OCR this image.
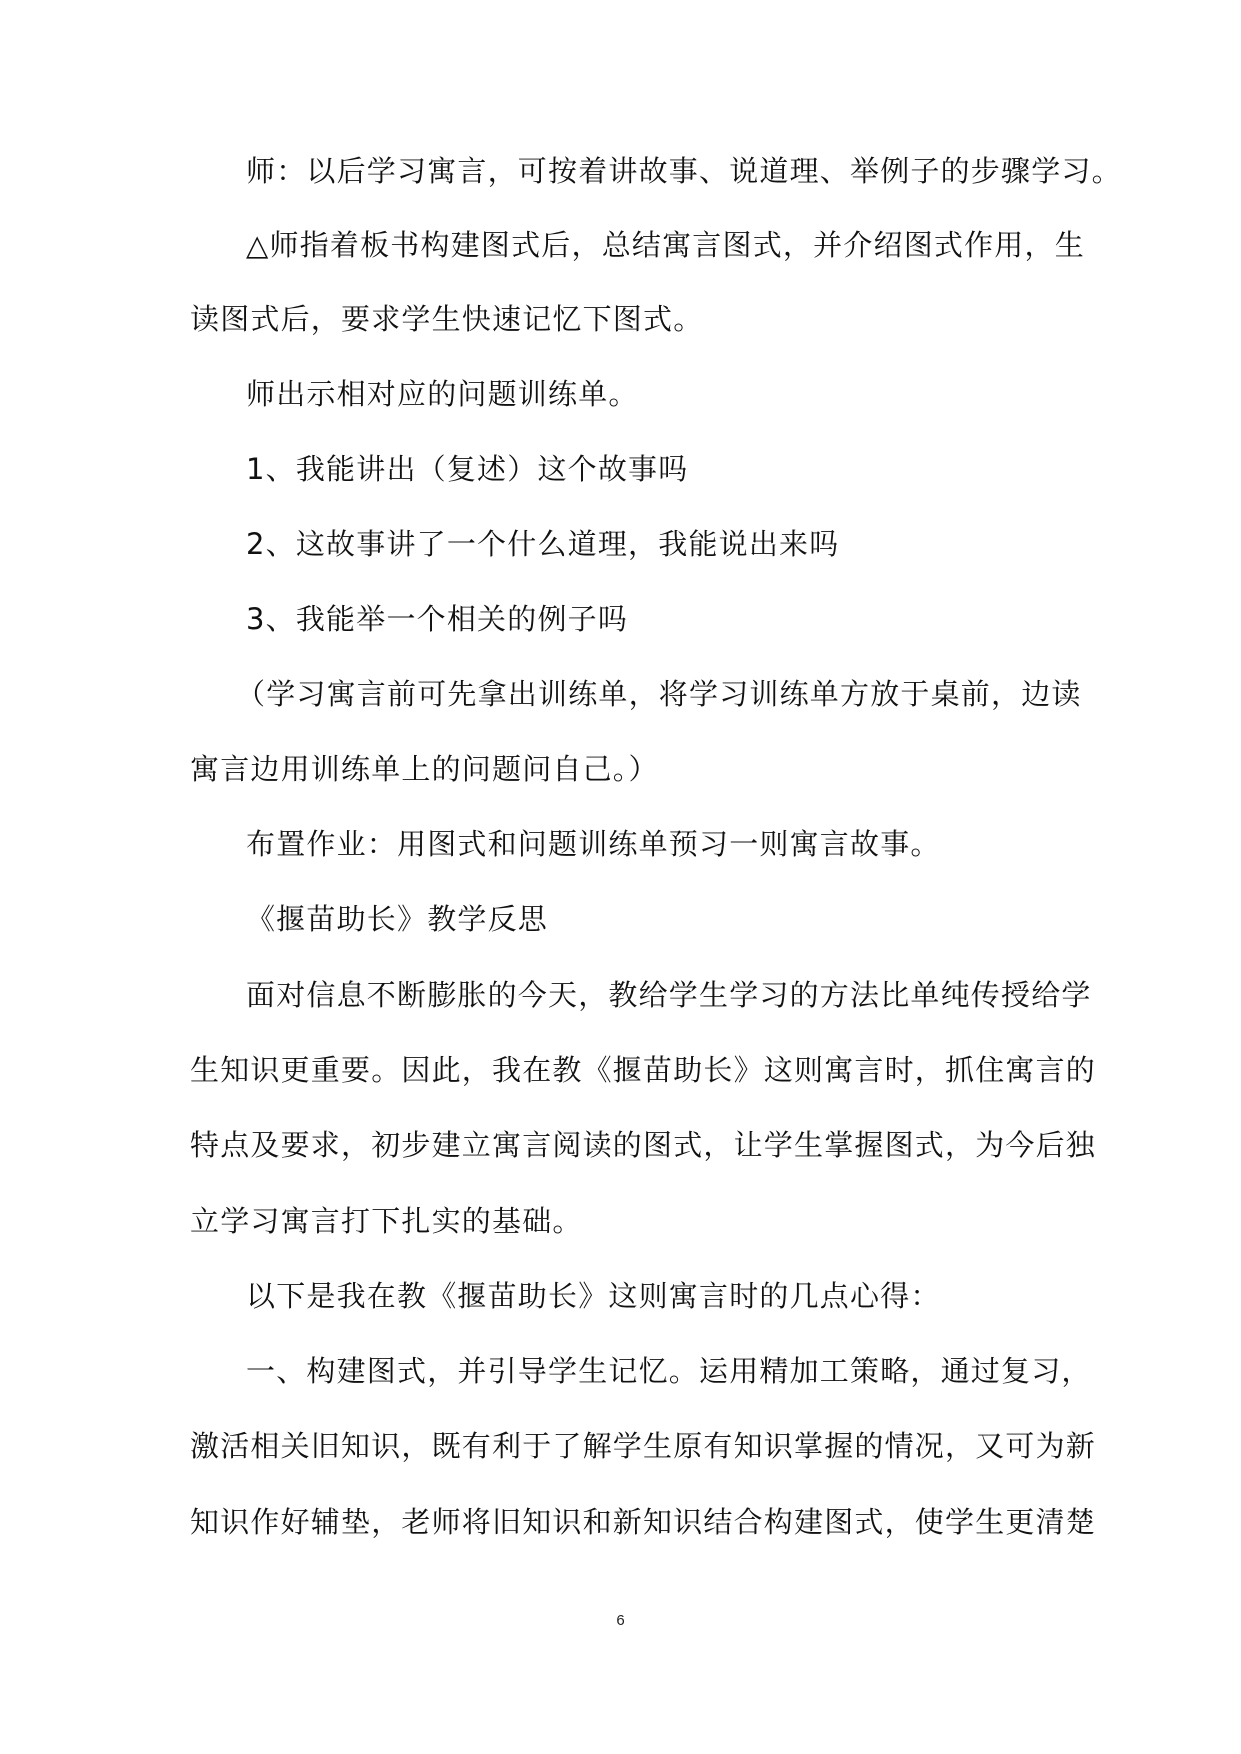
师：以后学习寓言，可按着讲故事、说道理、举例子的步骤学习。
△师指着板书构建图式后，总结寓言图式，并介绍图式作用，生
读图式后，要求学生快速记忆下图式。
师出示相对应的问题训练单。
1、我能讲出（复述）这个故事吗
2、这故事讲了一个什么道理，我能说出来吗
3、我能举一个相关的例子吗
（学习寓言前可先拿出训练单，将学习训练单方放于桌前，边读
寓言边用训练单上的问题问自己。）
布置作业：用图式和问题训练单预习一则寓言故事。
《揠苗助长》教学反思
面对信息不断膨胀的今天，教给学生学习的方法比单纯传授给学
生知识更重要。因此，我在教《揠苗助长》这则寓言时，抓住寓言的
特点及要求，初步建立寓言阅读的图式，让学生掌握图式，为今后独
立学习寓言打下扎实的基础。
以下是我在教《揠苗助长》这则寓言时的几点心得：
一、构建图式，并引导学生记忆。运用精加工策略，通过复习，
激活相关旧知识，既有利于了解学生原有知识掌握的情况，又可为新
知识作好辅垫，老师将旧知识和新知识结合构建图式，使学生更清楚
6
